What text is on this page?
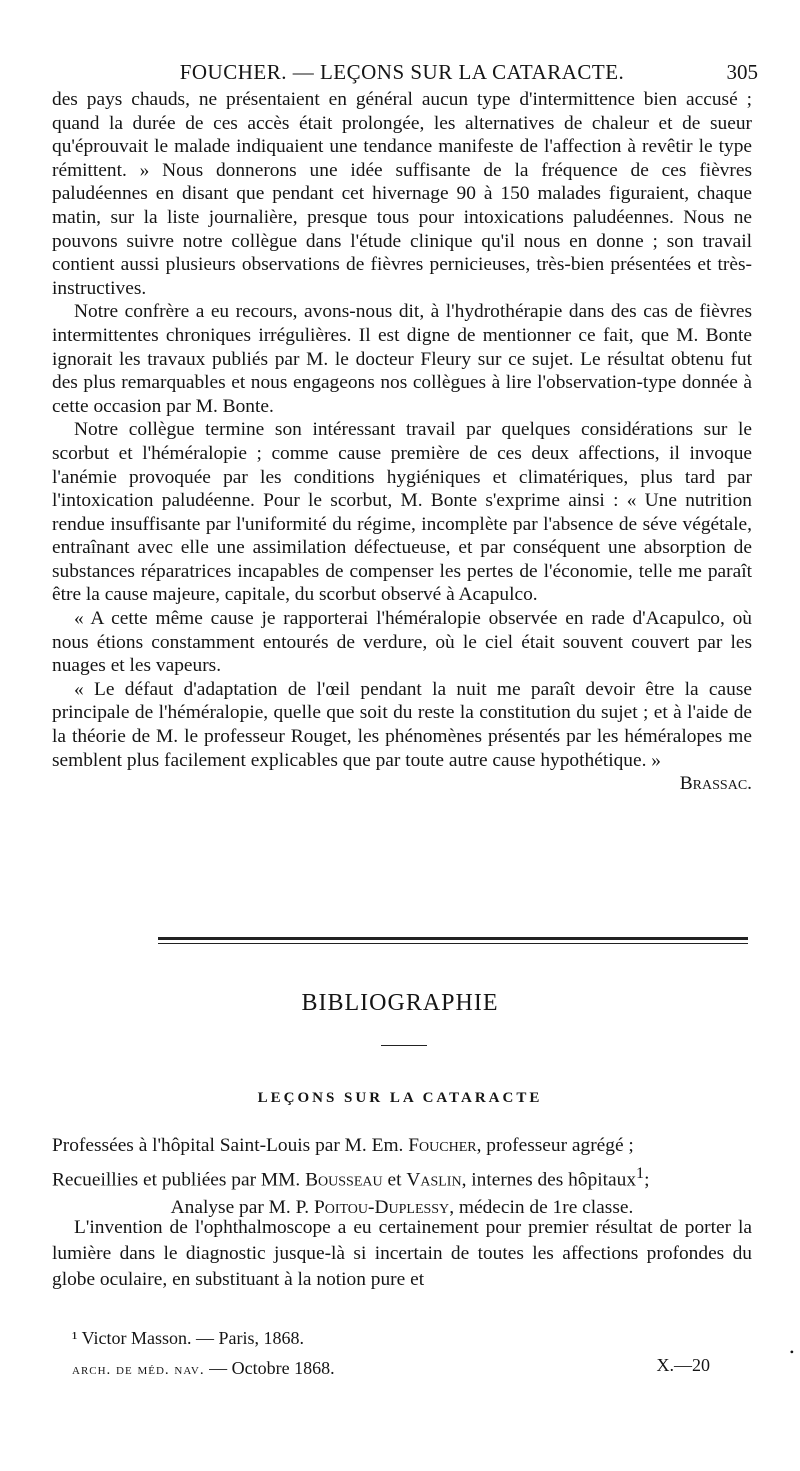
FOUCHER. — LEÇONS SUR LA CATARACTE.	305

des pays chauds, ne présentaient en général aucun type d'intermittence bien accusé ; quand la durée de ces accès était prolongée, les alternatives de chaleur et de sueur qu'éprouvait le malade indiquaient une tendance manifeste de l'affection à revêtir le type rémittent. » Nous donnerons une idée suffisante de la fréquence de ces fièvres paludéennes en disant que pendant cet hivernage 90 à 150 malades figuraient, chaque matin, sur la liste journalière, presque tous pour intoxications paludéennes. Nous ne pouvons suivre notre collègue dans l'étude clinique qu'il nous en donne ; son travail contient aussi plusieurs observations de fièvres pernicieuses, très-bien présentées et très-instructives.

Notre confrère a eu recours, avons-nous dit, à l'hydrothérapie dans des cas de fièvres intermittentes chroniques irrégulières. Il est digne de mentionner ce fait, que M. Bonte ignorait les travaux publiés par M. le docteur Fleury sur ce sujet. Le résultat obtenu fut des plus remarquables et nous engageons nos collègues à lire l'observation-type donnée à cette occasion par M. Bonte.

Notre collègue termine son intéressant travail par quelques considérations sur le scorbut et l'héméralopie ; comme cause première de ces deux affections, il invoque l'anémie provoquée par les conditions hygiéniques et climatériques, plus tard par l'intoxication paludéenne. Pour le scorbut, M. Bonte s'exprime ainsi : « Une nutrition rendue insuffisante par l'uniformité du régime, incomplète par l'absence de séve végétale, entraînant avec elle une assimilation défectueuse, et par conséquent une absorption de substances réparatrices incapables de compenser les pertes de l'économie, telle me paraît être la cause majeure, capitale, du scorbut observé à Acapulco.

« A cette même cause je rapporterai l'héméralopie observée en rade d'Acapulco, où nous étions constamment entourés de verdure, où le ciel était souvent couvert par les nuages et les vapeurs.

« Le défaut d'adaptation de l'œil pendant la nuit me paraît devoir être la cause principale de l'héméralopie, quelle que soit du reste la constitution du sujet ; et à l'aide de la théorie de M. le professeur Rouget, les phénomènes présentés par les héméralopes me semblent plus facilement explicables que par toute autre cause hypothétique. »
Brassac.

BIBLIOGRAPHIE
LEÇONS SUR LA CATARACTE

Professées à l'hôpital Saint-Louis par M. Em. Foucher, professeur agrégé ;

Recueillies et publiées par MM. Bousseau et Vaslin, internes des hôpitaux$^1$;

Analyse par M. P. Poitou-Duplessy, médecin de 1re classe.

L'invention de l'ophthalmoscope a eu certainement pour premier résultat de porter la lumière dans le diagnostic jusque-là si incertain de toutes les affections profondes du globe oculaire, en substituant à la notion pure et

¹ Victor Masson. — Paris, 1868.
arch. de méd. nav. — Octobre 1868.	X.—20
•
